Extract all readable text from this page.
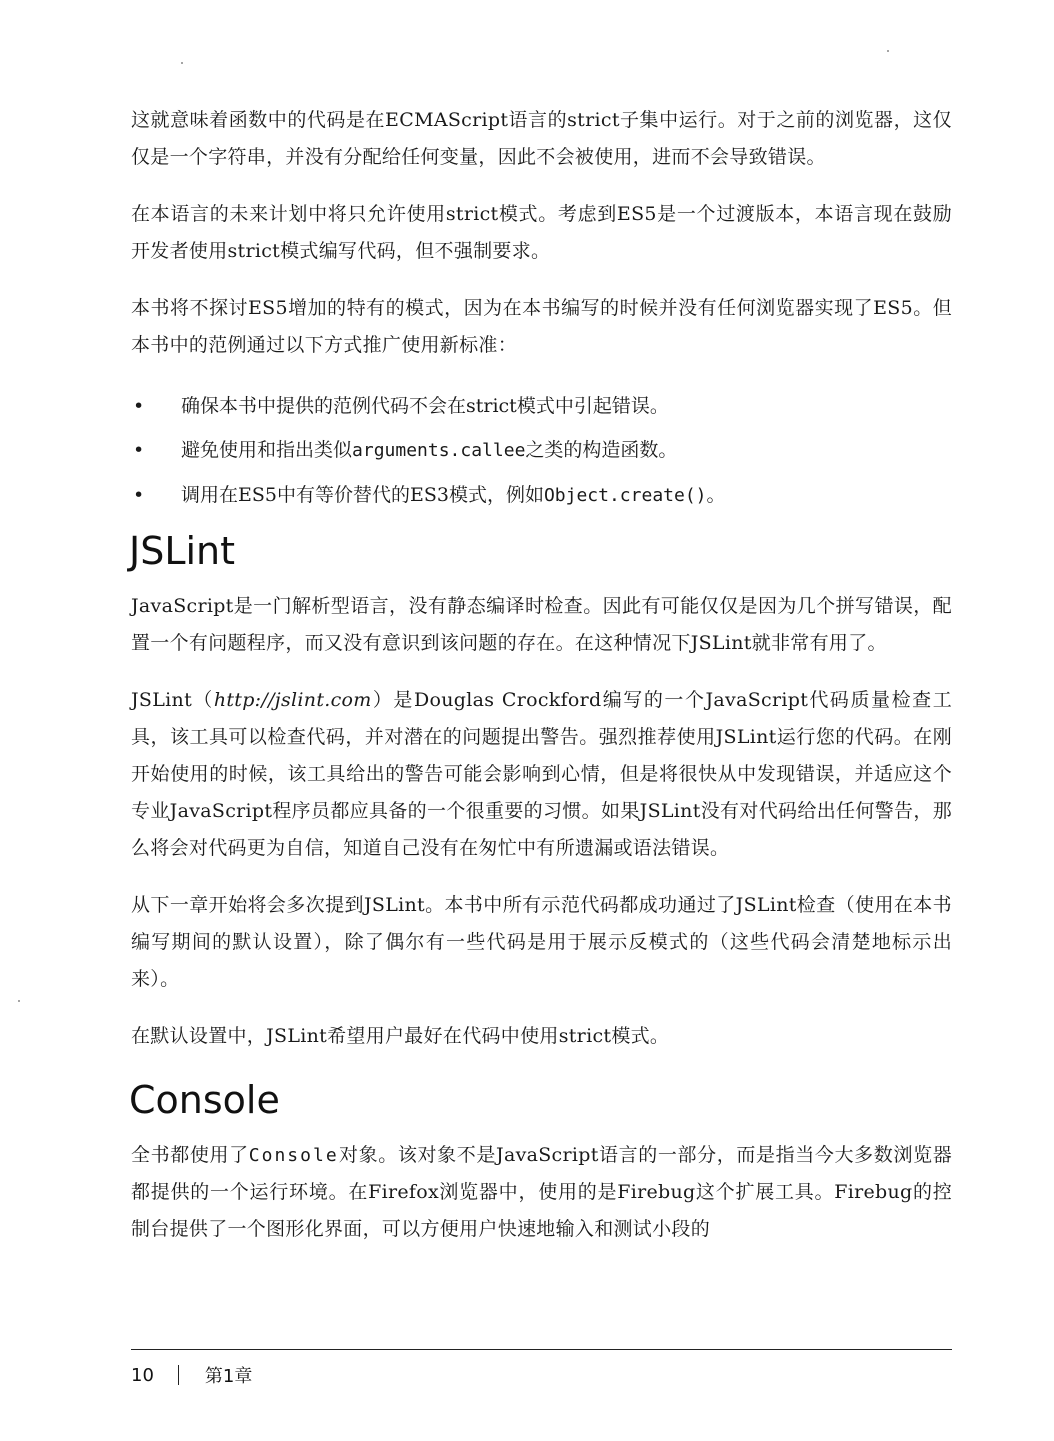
这就意味着函数中的代码是在ECMAScript语言的strict子集中运行。对于之前的浏览器，这仅仅是一个字符串，并没有分配给任何变量，因此不会被使用，进而不会导致错误。

在本语言的未来计划中将只允许使用strict模式。考虑到ES5是一个过渡版本，本语言现在鼓励开发者使用strict模式编写代码，但不强制要求。

本书将不探讨ES5增加的特有的模式，因为在本书编写的时候并没有任何浏览器实现了ES5。但本书中的范例通过以下方式推广使用新标准：

• 确保本书中提供的范例代码不会在strict模式中引起错误。
• 避免使用和指出类似arguments.callee之类的构造函数。
• 调用在ES5中有等价替代的ES3模式，例如Object.create()。
JSLint

JavaScript是一门解析型语言，没有静态编译时检查。因此有可能仅仅是因为几个拼写错误，配置一个有问题程序，而又没有意识到该问题的存在。在这种情况下JSLint就非常有用了。

JSLint（http://jslint.com）是Douglas Crockford编写的一个JavaScript代码质量检查工具，该工具可以检查代码，并对潜在的问题提出警告。强烈推荐使用JSLint运行您的代码。在刚开始使用的时候，该工具给出的警告可能会影响到心情，但是将很快从中发现错误，并适应这个专业JavaScript程序员都应具备的一个很重要的习惯。如果JSLint没有对代码给出任何警告，那么将会对代码更为自信，知道自己没有在匆忙中有所遗漏或语法错误。

从下一章开始将会多次提到JSLint。本书中所有示范代码都成功通过了JSLint检查（使用在本书编写期间的默认设置），除了偶尔有一些代码是用于展示反模式的（这些代码会清楚地标示出来）。

在默认设置中，JSLint希望用户最好在代码中使用strict模式。

Console

全书都使用了Console对象。该对象不是JavaScript语言的一部分，而是指当今大多数浏览器都提供的一个运行环境。在Firefox浏览器中，使用的是Firebug这个扩展工具。Firebug的控制台提供了一个图形化界面，可以方便用户快速地输入和测试小段的

10	第1章
